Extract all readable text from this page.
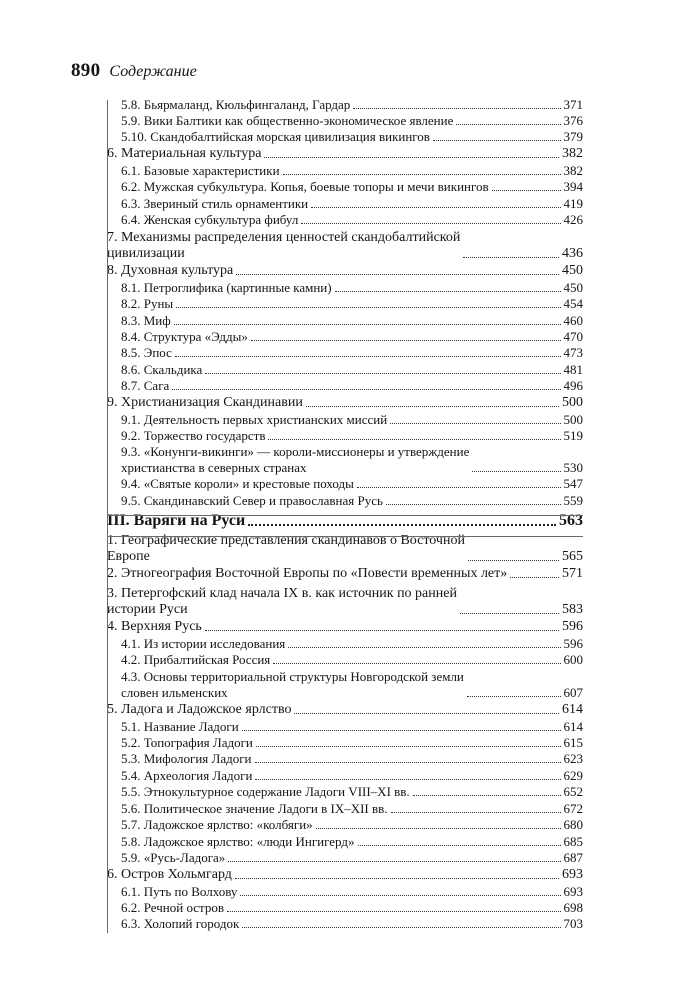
890 Содержание
5.8. Бьярмаланд, Кюльфингаланд, Гардар	371
5.9. Вики Балтики как общественно-экономическое явление	376
5.10. Скандобалтийская морская цивилизация викингов	379
6. Материальная культура	382
6.1. Базовые характеристики	382
6.2. Мужская субкультура. Копья, боевые топоры и мечи викингов	394
6.3. Звериный стиль орнаментики	419
6.4. Женская субкультура фибул	426
7. Механизмы распределения ценностей скандобалтийской
цивилизации	436
8. Духовная культура	450
8.1. Петроглифика (картинные камни)	450
8.2. Руны	454
8.3. Миф	460
8.4. Структура «Эдды»	470
8.5. Эпос	473
8.6. Скальдика	481
8.7. Сага	496
9. Христианизация Скандинавии	500
9.1. Деятельность первых христианских миссий	500
9.2. Торжество государств	519
9.3. «Конунги-викинги» — короли-миссионеры и утверждение
христианства в северных странах	530
9.4. «Святые короли» и крестовые походы	547
9.5. Скандинавский Север и православная Русь	559
III. Варяги на Руси	563
1. Географические представления скандинавов о Восточной
Европе	565
2. Этногеография Восточной Европы по «Повести временных лет»	571
3. Петергофский клад начала IX в. как источник по ранней
истории Руси	583
4. Верхняя Русь	596
4.1. Из истории исследования	596
4.2. Прибалтийская Россия	600
4.3. Основы территориальной структуры Новгородской земли
словен ильменских	607
5. Ладога и Ладожское ярлство	614
5.1. Название Ладоги	614
5.2. Топография Ладоги	615
5.3. Мифология Ладоги	623
5.4. Археология Ладоги	629
5.5. Этнокультурное содержание Ладоги VIII–XI вв.	652
5.6. Политическое значение Ладоги в IX–XII вв.	672
5.7. Ладожское ярлство: «колбяги»	680
5.8. Ладожское ярлство: «люди Ингигерд»	685
5.9. «Русь-Ладога»	687
6. Остров Хольмгард	693
6.1. Путь по Волхову	693
6.2. Речной остров	698
6.3. Холопий городок	703
